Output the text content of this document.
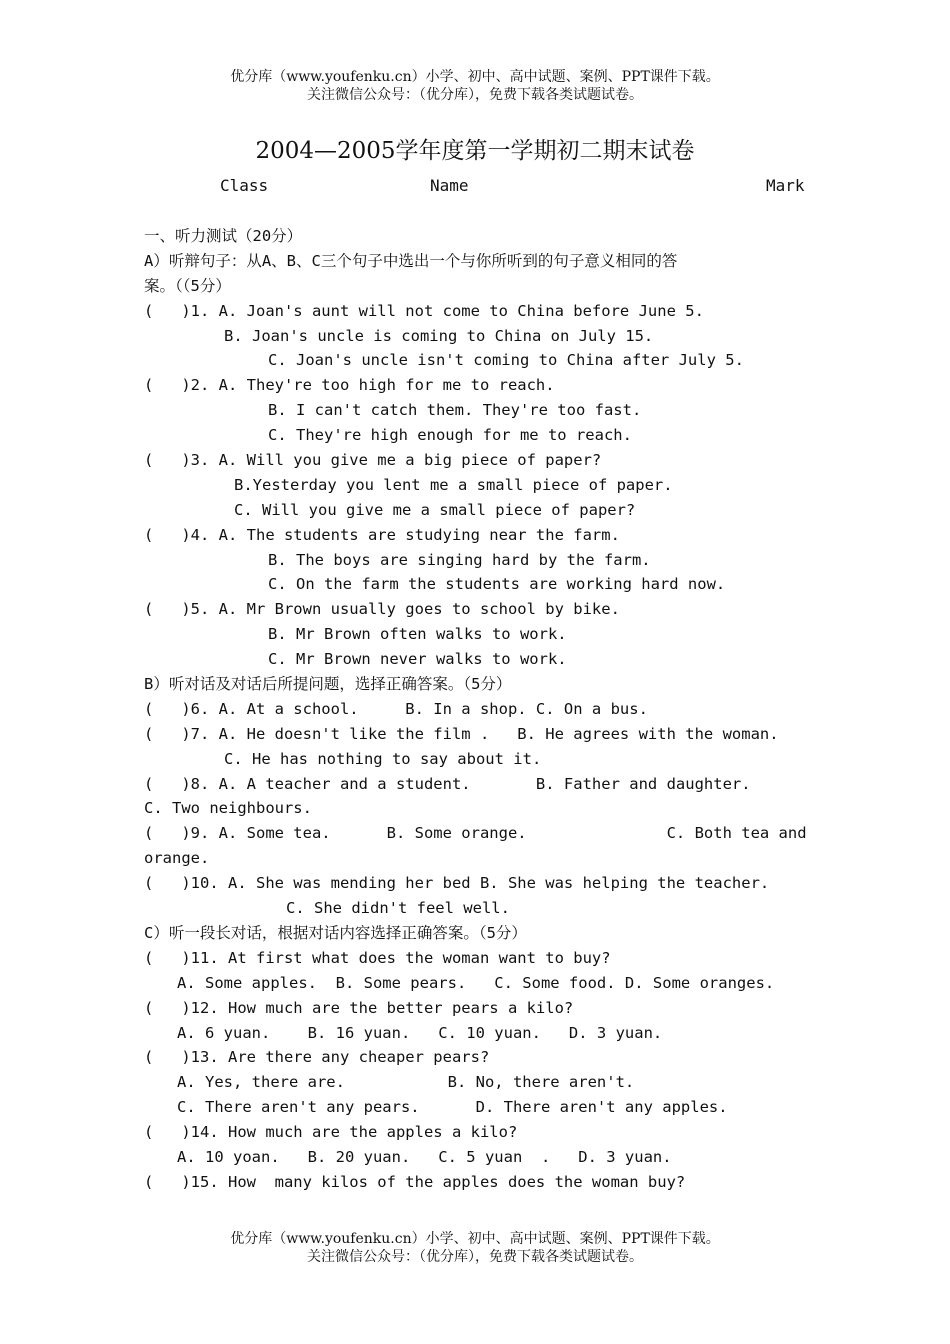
优分库（www.youfenku.cn）小学、初中、高中试题、案例、PPT课件下载。
关注微信公众号：（优分库），免费下载各类试题试卷。
2004—2005学年度第一学期初二期末试卷
Class	Name	Mark
一、听力测试（20分）
A）听辩句子：从A、B、C三个句子中选出一个与你所听到的句子意义相同的答
案。（（5分）
(   )1. A. Joan's aunt will not come to China before June 5.
B. Joan's uncle is coming to China on July 15.
C. Joan's uncle isn't coming to China after July 5.
(   )2. A. They're too high for me to reach.
B. I can't catch them. They're too fast.
C. They're high enough for me to reach.
(   )3. A. Will you give me a big piece of paper?
B.Yesterday you lent me a small piece of paper.
C. Will you give me a small piece of paper?
(   )4. A. The students are studying near the farm.
B. The boys are singing hard by the farm.
C. On the farm the students are working hard now.
(   )5. A. Mr Brown usually goes to school by bike.
B. Mr Brown often walks to work.
C. Mr Brown never walks to work.
B）听对话及对话后所提问题，选择正确答案。（5分）
(   )6. A. At a school.     B. In a shop. C. On a bus.
(   )7. A. He doesn't like the film .   B. He agrees with the woman.
C. He has nothing to say about it.
(   )8. A. A teacher and a student.       B. Father and daughter.
C. Two neighbours.
(   )9. A. Some tea.      B. Some orange.               C. Both tea and
orange.
(   )10. A. She was mending her bed B. She was helping the teacher.
C. She didn't feel well.
C）听一段长对话，根据对话内容选择正确答案。（5分）
(   )11. At first what does the woman want to buy?
A. Some apples.  B. Some pears.   C. Some food. D. Some oranges.
(   )12. How much are the better pears a kilo?
A. 6 yuan.    B. 16 yuan.   C. 10 yuan.   D. 3 yuan.
(   )13. Are there any cheaper pears?
A. Yes, there are.           B. No, there aren't.
C. There aren't any pears.      D. There aren't any apples.
(   )14. How much are the apples a kilo?
A. 10 yoan.   B. 20 yuan.   C. 5 yuan  .   D. 3 yuan.
(   )15. How  many kilos of the apples does the woman buy?
优分库（www.youfenku.cn）小学、初中、高中试题、案例、PPT课件下载。
关注微信公众号：（优分库），免费下载各类试题试卷。
